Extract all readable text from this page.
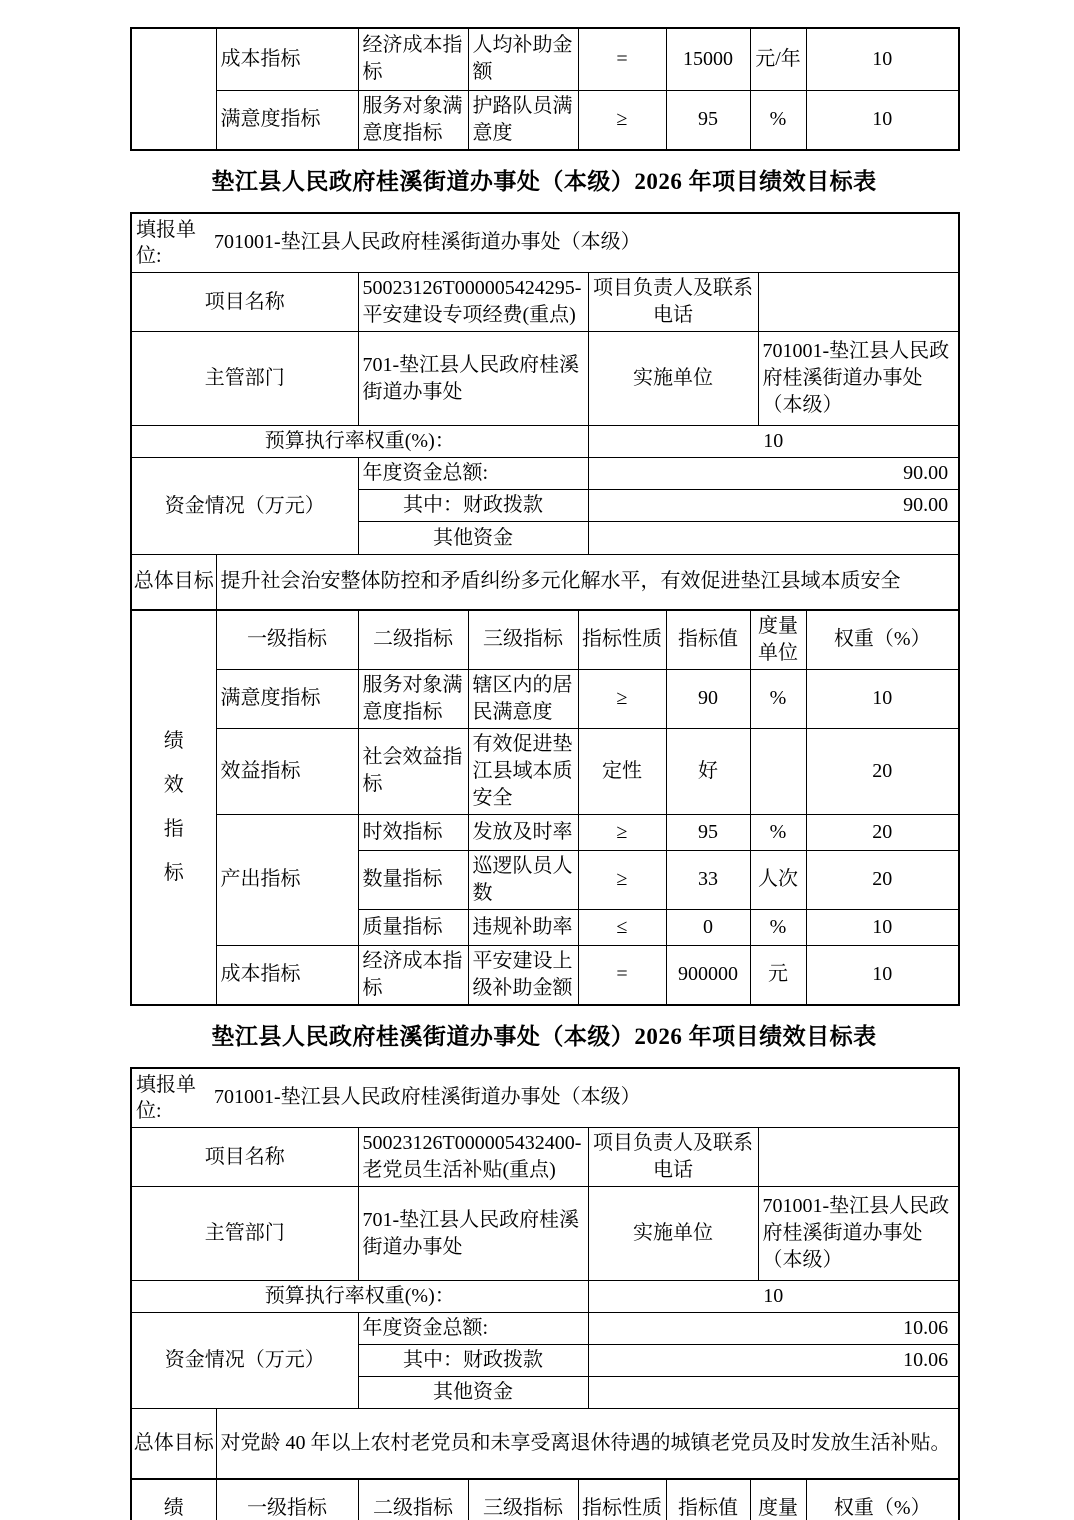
	成本指标	经济成本指标	人均补助金额	=	15000	元/年	10
	满意度指标	服务对象满意度指标	护路队员满意度	≥	95	%	10
垫江县人民政府桂溪街道办事处（本级）2026 年项目绩效目标表
填报单位:
701001-垫江县人民政府桂溪街道办事处（本级）				

项目名称		50023126T000005424295-平安建设专项经费(重点)	项目负责人及联系电话	
主管部门		701-垫江县人民政府桂溪街道办事处	实施单位	701001-垫江县人民政府桂溪街道办事处（本级）
预算执行率权重(%)：			10	
资金情况（万元）		年度资金总额:	90.00	
		其中：财政拨款	90.00	
		其他资金		
总体目标	提升社会治安整体防控和矛盾纠纷多元化解水平，有效促进垫江县域本质安全			
绩效指标	一级指标	二级指标	三级指标	指标性质	指标值	度量单位	权重（%）
	满意度指标	服务对象满意度指标	辖区内的居民满意度	≥	90	%	10
	效益指标	社会效益指标	有效促进垫江县域本质安全	定性	好		20
	产出指标	时效指标	发放及时率	≥	95	%	20
		数量指标	巡逻队员人数	≥	33	人次	20
		质量指标	违规补助率	≤	0	%	10
	成本指标	经济成本指标	平安建设上级补助金额	=	900000	元	10
垫江县人民政府桂溪街道办事处（本级）2026 年项目绩效目标表
填报单位:
701001-垫江县人民政府桂溪街道办事处（本级）				

项目名称		50023126T000005432400-老党员生活补贴(重点)	项目负责人及联系电话	
主管部门		701-垫江县人民政府桂溪街道办事处	实施单位	701001-垫江县人民政府桂溪街道办事处（本级）
预算执行率权重(%)：			10	
资金情况（万元）		年度资金总额:	10.06	
		其中：财政拨款	10.06	
		其他资金		
总体目标	对党龄 40 年以上农村老党员和未享受离退休待遇的城镇老党员及时发放生活补贴。			
绩	一级指标	二级指标	三级指标	指标性质	指标值	度量	权重（%）
